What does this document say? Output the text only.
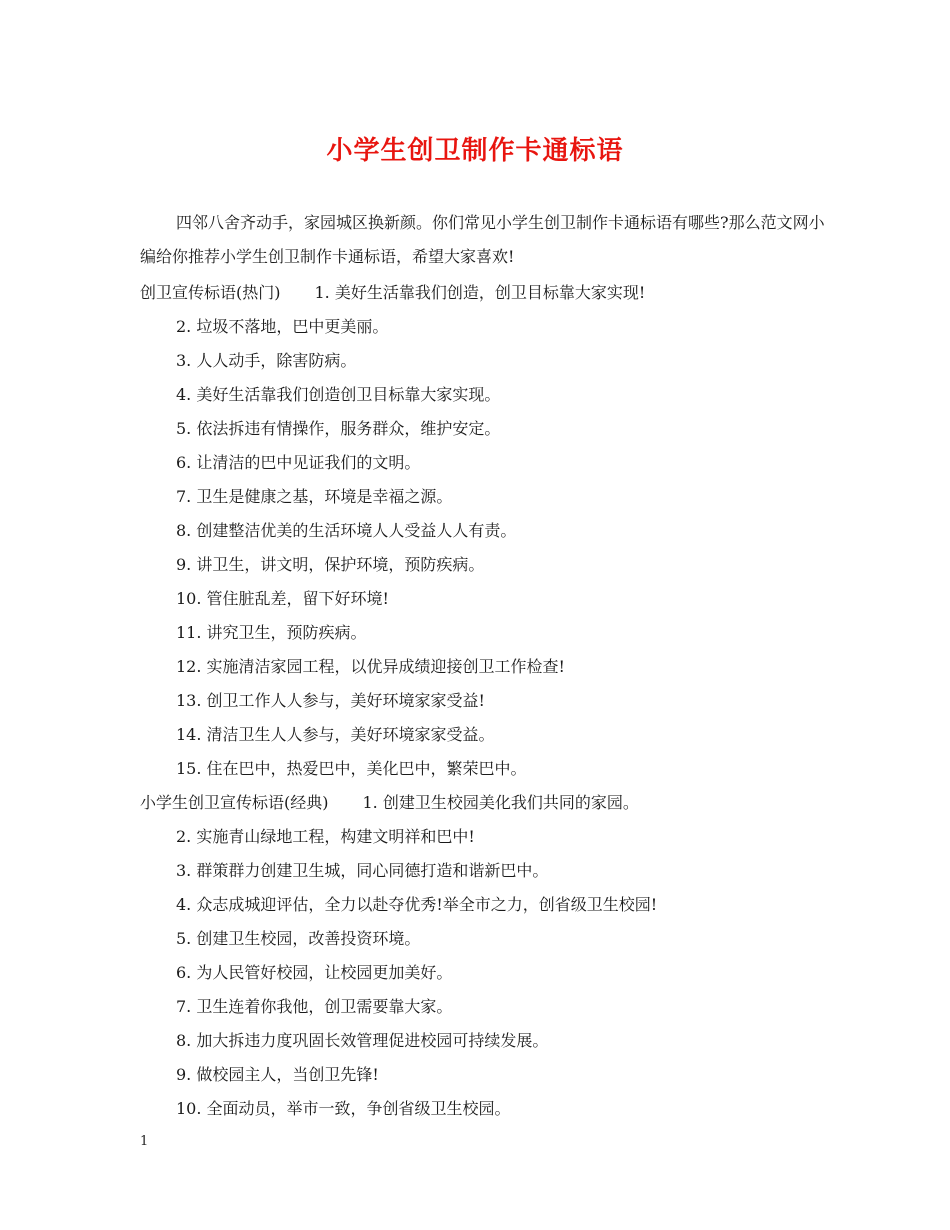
小学生创卫制作卡通标语

四邻八舍齐动手，家园城区换新颜。你们常见小学生创卫制作卡通标语有哪些?那么范文网小编给你推荐小学生创卫制作卡通标语，希望大家喜欢!

创卫宣传标语(热门) 1. 美好生活靠我们创造，创卫目标靠大家实现!
2. 垃圾不落地，巴中更美丽。
3. 人人动手，除害防病。
4. 美好生活靠我们创造创卫目标靠大家实现。
5. 依法拆违有情操作，服务群众，维护安定。
6. 让清洁的巴中见证我们的文明。
7. 卫生是健康之基，环境是幸福之源。
8. 创建整洁优美的生活环境人人受益人人有责。
9. 讲卫生，讲文明，保护环境，预防疾病。
10. 管住脏乱差，留下好环境!
11. 讲究卫生，预防疾病。
12. 实施清洁家园工程，以优异成绩迎接创卫工作检查!
13. 创卫工作人人参与，美好环境家家受益!
14. 清洁卫生人人参与，美好环境家家受益。
15. 住在巴中，热爱巴中，美化巴中，繁荣巴中。
小学生创卫宣传标语(经典) 1. 创建卫生校园美化我们共同的家园。
2. 实施青山绿地工程，构建文明祥和巴中!
3. 群策群力创建卫生城，同心同德打造和谐新巴中。
4. 众志成城迎评估，全力以赴夺优秀!举全市之力，创省级卫生校园!
5. 创建卫生校园，改善投资环境。
6. 为人民管好校园，让校园更加美好。
7. 卫生连着你我他，创卫需要靠大家。
8. 加大拆违力度巩固长效管理促进校园可持续发展。
9. 做校园主人，当创卫先锋!
10. 全面动员，举市一致，争创省级卫生校园。
1
